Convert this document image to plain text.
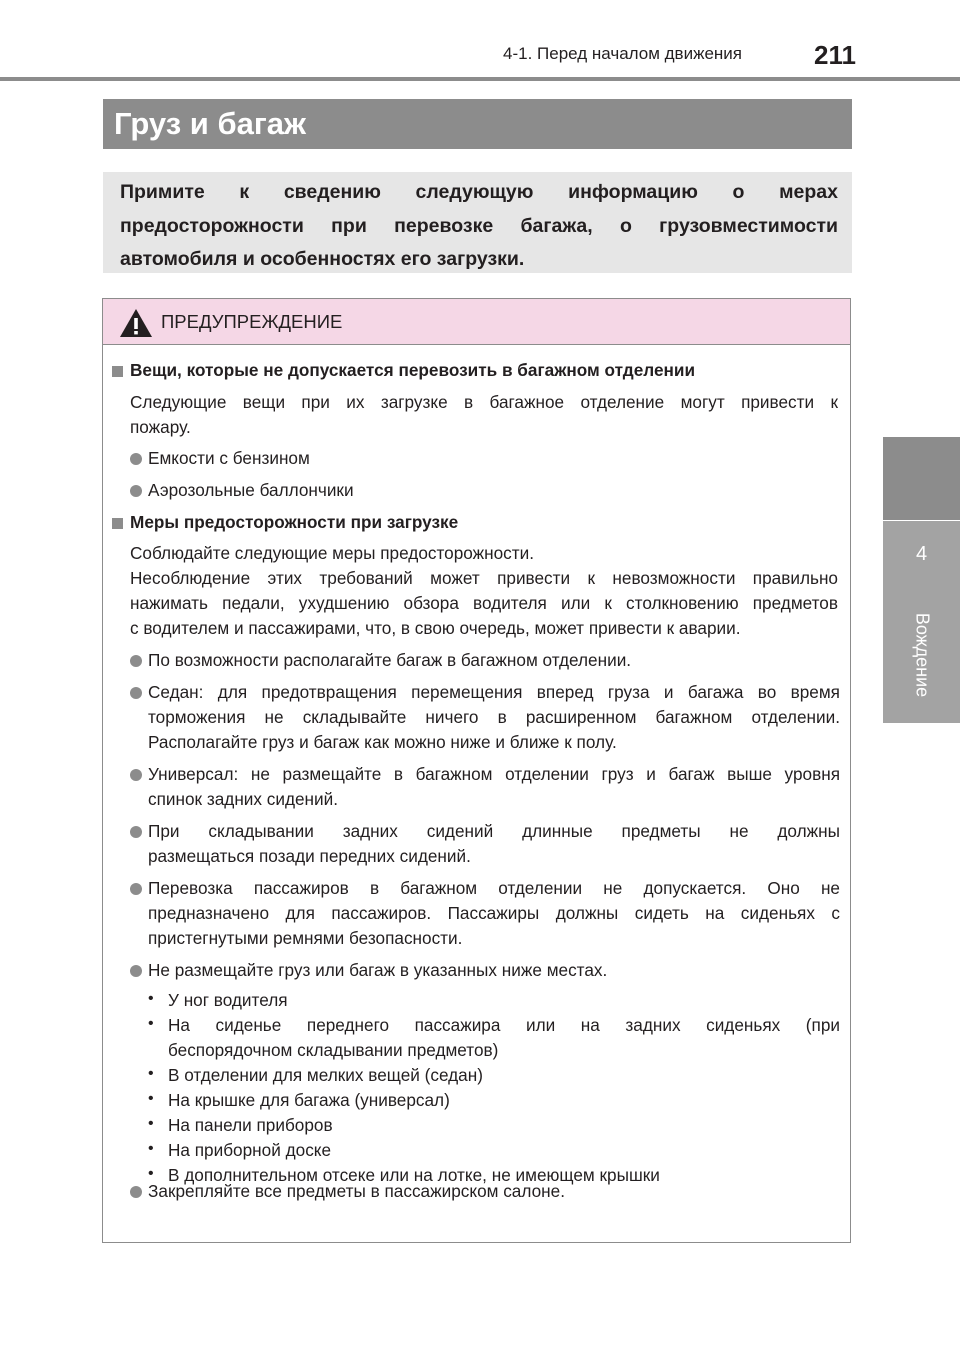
4-1. Перед началом движения	211
4
Вождение
Груз и багаж

Примите к сведению следующую информацию о мерах предосторожности при перевозке багажа, о грузовместимости автомобиля и особенностях его загрузки.

ПРЕДУПРЕЖДЕНИЕ
Вещи, которые не допускается перевозить в багажном отделении
Следующие вещи при их загрузке в багажное отделение могут привести к
пожару.
Емкости с бензином
Аэрозольные баллончики
Меры предосторожности при загрузке
Соблюдайте следующие меры предосторожности.
Несоблюдение этих требований может привести к невозможности правильно
нажимать педали, ухудшению обзора водителя или к столкновению предметов
с водителем и пассажирами, что, в свою очередь, может привести к аварии.
По возможности располагайте багаж в багажном отделении.
Седан: для предотвращения перемещения вперед груза и багажа во время
торможения не складывайте ничего в расширенном багажном отделении.
Располагайте груз и багаж как можно ниже и ближе к полу.
Универсал: не размещайте в багажном отделении груз и багаж выше уровня
спинок задних сидений.
При складывании задних сидений длинные предметы не должны
размещаться позади передних сидений.
Перевозка пассажиров в багажном отделении не допускается. Оно не
предназначено для пассажиров. Пассажиры должны сидеть на сиденьях с
пристегнутыми ремнями безопасности.
Не размещайте груз или багаж в указанных ниже местах.
• У ног водителя
• На сиденье переднего пассажира или на задних сиденьях (при
беспорядочном складывании предметов)
• В отделении для мелких вещей (седан)
• На крышке для багажа (универсал)
• На панели приборов
• На приборной доске
• В дополнительном отсеке или на лотке, не имеющем крышки
Закрепляйте все предметы в пассажирском салоне.
